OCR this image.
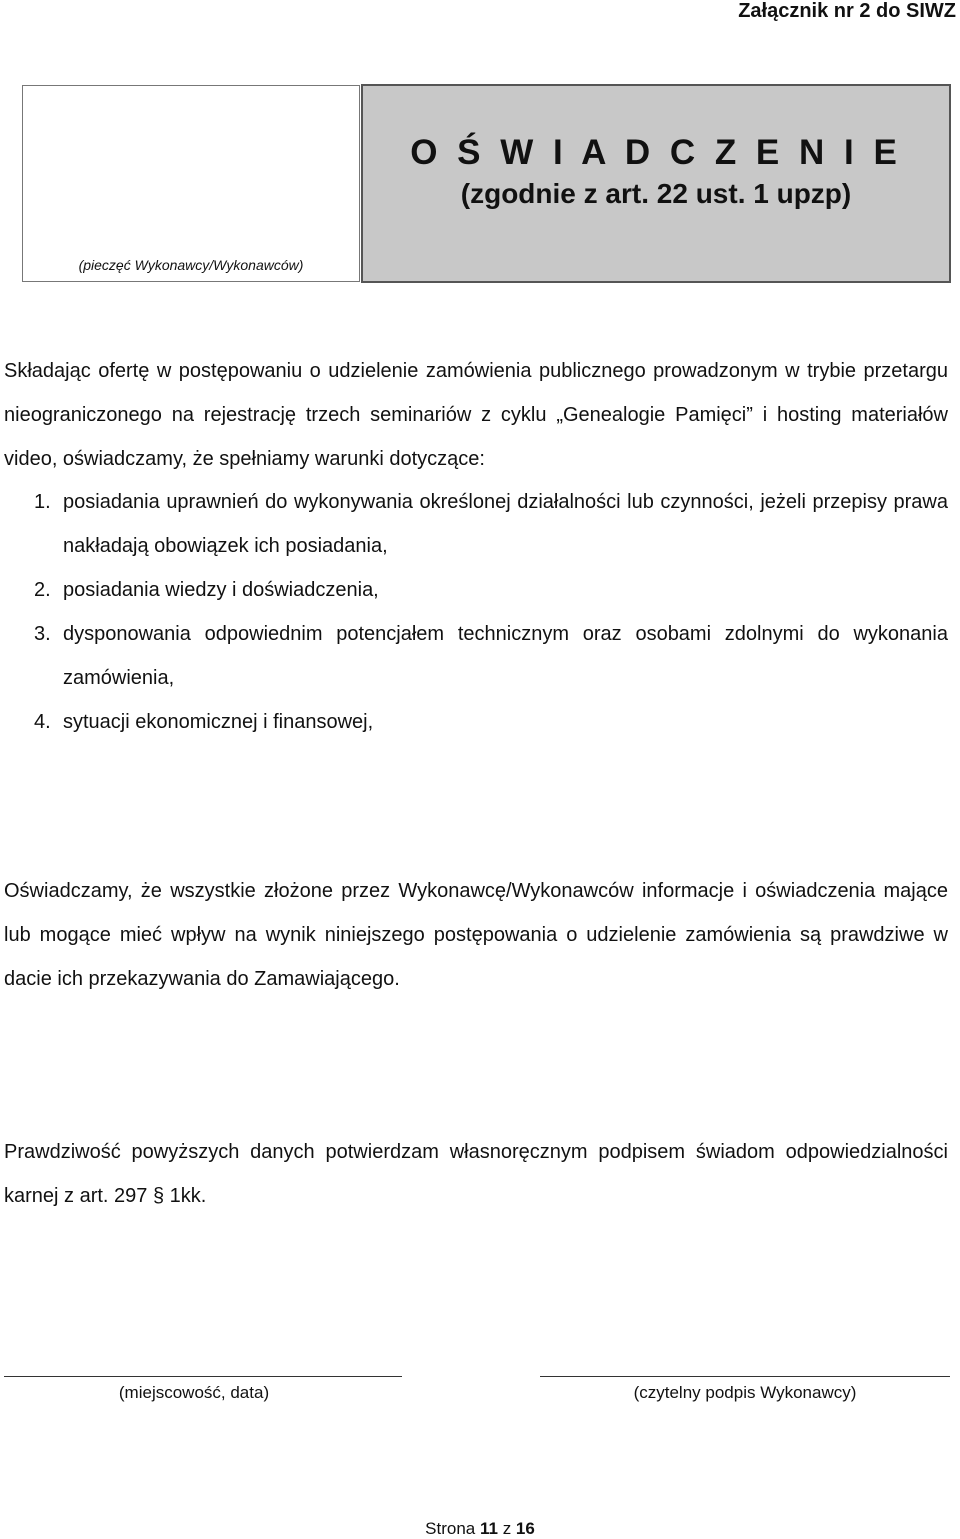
Załącznik nr 2 do SIWZ
(pieczęć Wykonawcy/Wykonawców)
O Ś W I A D C Z E N I E
(zgodnie z art. 22 ust. 1 upzp)

Składając ofertę w postępowaniu o udzielenie zamówienia publicznego prowadzonym w trybie przetargu nieograniczonego na rejestrację trzech seminariów z cyklu „Genealogie Pamięci” i hosting materiałów video, oświadczamy, że spełniamy warunki dotyczące:

1. posiadania uprawnień do wykonywania określonej działalności lub czynności, jeżeli przepisy prawa nakładają obowiązek ich posiadania,
2. posiadania wiedzy i doświadczenia,
3. dysponowania odpowiednim potencjałem technicznym oraz osobami zdolnymi do wykonania zamówienia,
4. sytuacji ekonomicznej i finansowej,

Oświadczamy, że wszystkie złożone przez Wykonawcę/Wykonawców informacje i oświadczenia mające lub mogące mieć wpływ na wynik niniejszego postępowania o udzielenie zamówienia są prawdziwe w dacie ich przekazywania do Zamawiającego.

Prawdziwość powyższych danych potwierdzam własnoręcznym podpisem świadom odpowiedzialności karnej z art. 297 § 1kk.

(miejscowość, data)	(czytelny podpis Wykonawcy)
Strona 11 z 16
